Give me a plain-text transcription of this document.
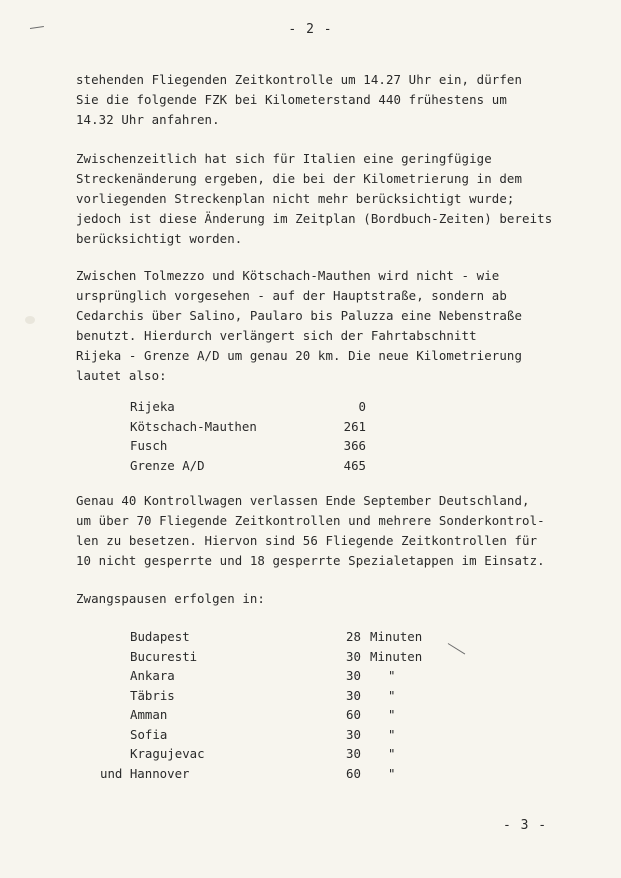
- 2 -
stehenden Fliegenden Zeitkontrolle um 14.27 Uhr ein, dürfen
Sie die folgende FZK bei Kilometerstand 440 frühestens um
14.32 Uhr anfahren.
Zwischenzeitlich hat sich für Italien eine geringfügige
Streckenänderung ergeben, die bei der Kilometrierung in dem
vorliegenden Streckenplan nicht mehr berücksichtigt wurde;
jedoch ist diese Änderung im Zeitplan (Bordbuch-Zeiten) bereits
berücksichtigt worden.
Zwischen Tolmezzo und Kötschach-Mauthen wird nicht - wie
ursprünglich vorgesehen - auf der Hauptstraße, sondern ab
Cedarchis über Salino, Paularo bis Paluzza eine Nebenstraße
benutzt. Hierdurch verlängert sich der Fahrtabschnitt
Rijeka - Grenze A/D um genau 20 km. Die neue Kilometrierung
lautet also:
Rijeka	0
Kötschach-Mauthen	261
Fusch	366
Grenze A/D	465
Genau 40 Kontrollwagen verlassen Ende September Deutschland,
um über 70 Fliegende Zeitkontrollen und mehrere Sonderkontrol-
len zu besetzen. Hiervon sind 56 Fliegende Zeitkontrollen für
10 nicht gesperrte und 18 gesperrte Spezialetappen im Einsatz.
Zwangspausen erfolgen in:
Budapest	28 Minuten
Bucuresti	30 Minuten
Ankara	30 "
Täbris	30 "
Amman	60 "
Sofia	30 "
Kragujevac	30 "
und Hannover	60 "
- 3 -
